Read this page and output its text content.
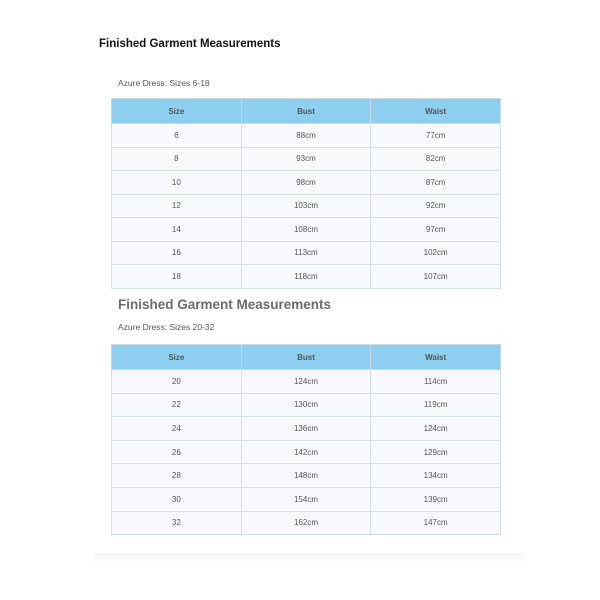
Finished Garment Measurements
Azure Dress: Sizes 6-18
Size	Bust	Waist
6	88cm	77cm
8	93cm	82cm
10	98cm	87cm
12	103cm	92cm
14	108cm	97cm
16	113cm	102cm
18	118cm	107cm
Finished Garment Measurements
Azure Dress: Sizes 20-32
Size	Bust	Waist
20	124cm	114cm
22	130cm	119cm
24	136cm	124cm
26	142cm	129cm
28	148cm	134cm
30	154cm	139cm
32	162cm	147cm
